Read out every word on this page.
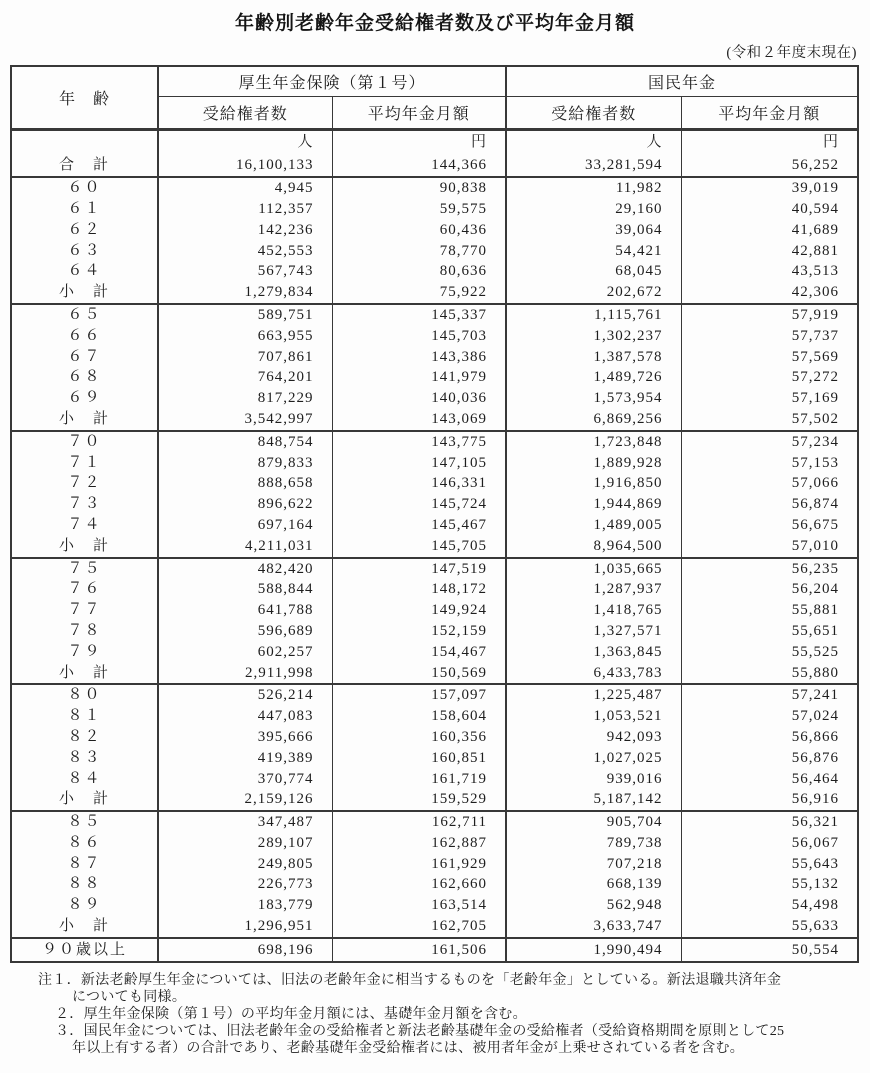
年齢別老齢年金受給権者数及び平均年金月額
(令和２年度末現在)
年　齢	厚生年金保険（第１号）		国民年金	
	受給権者数	平均年金月額	受給権者数	平均年金月額
	人	円	人	円
合　計	16,100,133	144,366	33,281,594	56,252
６０	4,945	90,838	11,982	39,019
６１	112,357	59,575	29,160	40,594
６２	142,236	60,436	39,064	41,689
６３	452,553	78,770	54,421	42,881
６４	567,743	80,636	68,045	43,513
小　計	1,279,834	75,922	202,672	42,306
６５	589,751	145,337	1,115,761	57,919
６６	663,955	145,703	1,302,237	57,737
６７	707,861	143,386	1,387,578	57,569
６８	764,201	141,979	1,489,726	57,272
６９	817,229	140,036	1,573,954	57,169
小　計	3,542,997	143,069	6,869,256	57,502
７０	848,754	143,775	1,723,848	57,234
７１	879,833	147,105	1,889,928	57,153
７２	888,658	146,331	1,916,850	57,066
７３	896,622	145,724	1,944,869	56,874
７４	697,164	145,467	1,489,005	56,675
小　計	4,211,031	145,705	8,964,500	57,010
７５	482,420	147,519	1,035,665	56,235
７６	588,844	148,172	1,287,937	56,204
７７	641,788	149,924	1,418,765	55,881
７８	596,689	152,159	1,327,571	55,651
７９	602,257	154,467	1,363,845	55,525
小　計	2,911,998	150,569	6,433,783	55,880
８０	526,214	157,097	1,225,487	57,241
８１	447,083	158,604	1,053,521	57,024
８２	395,666	160,356	942,093	56,866
８３	419,389	160,851	1,027,025	56,876
８４	370,774	161,719	939,016	56,464
小　計	2,159,126	159,529	5,187,142	56,916
８５	347,487	162,711	905,704	56,321
８６	289,107	162,887	789,738	56,067
８７	249,805	161,929	707,218	55,643
８８	226,773	162,660	668,139	55,132
８９	183,779	163,514	562,948	54,498
小　計	1,296,951	162,705	3,633,747	55,633
９０歳以上	698,196	161,506	1,990,494	50,554
注１．新法老齢厚生年金については、旧法の老齢年金に相当するものを「老齢年金」としている。新法退職共済年金
についても同様。
２．厚生年金保険（第１号）の平均年金月額には、基礎年金月額を含む。
３．国民年金については、旧法老齢年金の受給権者と新法老齢基礎年金の受給権者（受給資格期間を原則として25
年以上有する者）の合計であり、老齢基礎年金受給権者には、被用者年金が上乗せされている者を含む。
